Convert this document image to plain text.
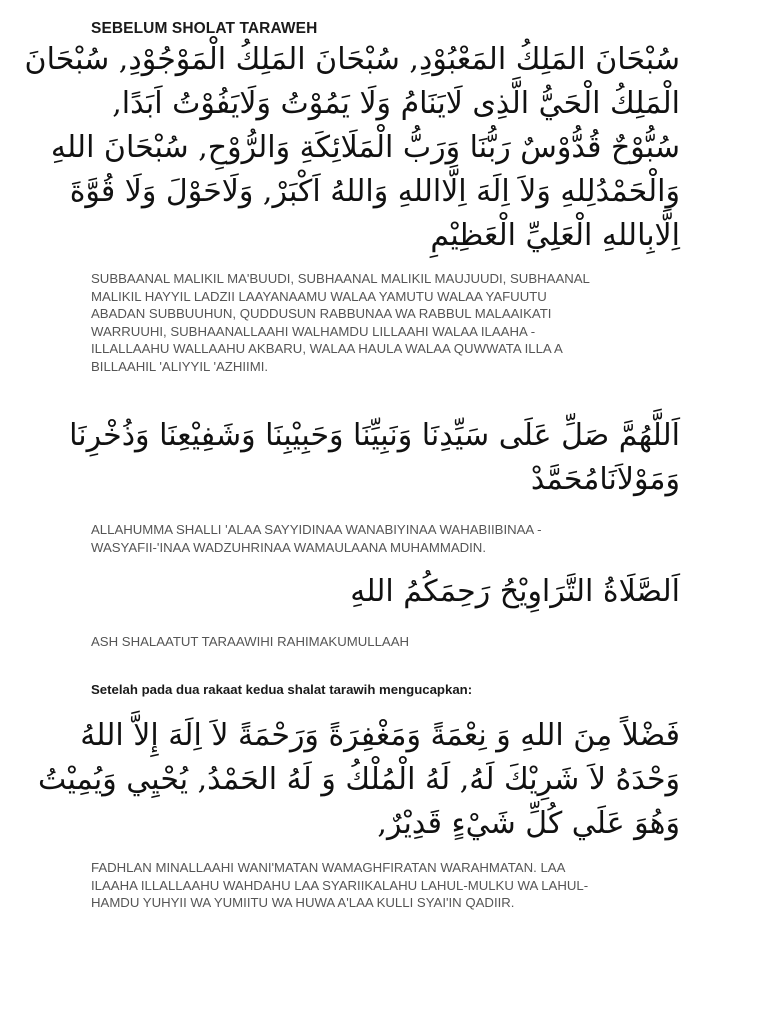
SEBELUM SHOLAT TARAWEH
سُبْحَانَ المَلِكُ المَعْبُوْدِ, سُبْحَانَ المَلِكُ الْمَوْجُوْدِ, سُبْحَانَ
الْمَلِكُ الْحَيُّ الَّذِى لَايَنَامُ وَلَا يَمُوْتُ وَلَايَفُوْتُ اَبَدًا,
سُبُّوْحٌ قُدُّوْسٌ رَبُّنَا وَرَبُّ الْمَلَائِكَةِ وَالرُّوْحِ, سُبْحَانَ اللهِ
وَالْحَمْدُلِلهِ وَلاَ اِلَهَ اِلَّااللهِ وَاللهُ اَكْبَرْ, وَلَاحَوْلَ وَلَا قُوَّةَ
اِلَّابِاللهِ الْعَلِيِّ الْعَظِيْمِ
SUBBAANAL MALIKIL MA'BUUDI, SUBHAANAL MALIKIL MAUJUUDI, SUBHAANAL
MALIKIL HAYYIL LADZII LAAYANAAMU WALAA YAMUTU WALAA YAFUUTU
ABADAN SUBBUUHUN, QUDDUSUN RABBUNAA WA RABBUL MALAAIKATI
WARRUUHI, SUBHAANALLAAHI WALHAMDU LILLAAHI WALAA ILAAHA -
ILLALLAAHU WALLAAHU AKBARU, WALAA HAULA WALAA QUWWATA ILLA A
BILLAAHIL 'ALIYYIL 'AZHIIMI.
اَللَّهُمَّ صَلِّ عَلَى سَيِّدِنَا وَنَبِيِّنَا وَحَبِيْبِنَا وَشَفِيْعِنَا وَذُخْرِنَا
وَمَوْلاَنَامُحَمَّدْ
ALLAHUMMA SHALLI 'ALAA SAYYIDINAA WANABIYINAA WAHABIIBINAA -
WASYAFII-'INAA WADZUHRINAA WAMAULAANA MUHAMMADIN.
اَلصَّلَاةُ التَّرَاوِيْحُ رَحِمَكُمُ اللهِ
ASH SHALAATUT TARAAWIHI RAHIMAKUMULLAAH

Setelah pada dua rakaat kedua shalat tarawih mengucapkan:

فَضْلاً مِنَ اللهِ وَ نِعْمَةً وَمَغْفِرَةً وَرَحْمَةً لاَ اِلَهَ إِلاَّ اللهُ
وَحْدَهُ لاَ شَرِيْكَ لَهُ, لَهُ الْمُلْكُ وَ لَهُ الحَمْدُ, يُحْيِي وَيُمِيْتُ
وَهُوَ عَلَي كُلِّ شَيْءٍ قَدِيْرٌ,
FADHLAN MINALLAAHI WANI'MATAN WAMAGHFIRATAN WARAHMATAN. LAA
ILAAHA ILLALLAAHU WAHDAHU LAA SYARIIKALAHU LAHUL-MULKU WA LAHUL-
HAMDU YUHYII WA YUMIITU WA HUWA A'LAA KULLI SYAI'IN QADIIR.
